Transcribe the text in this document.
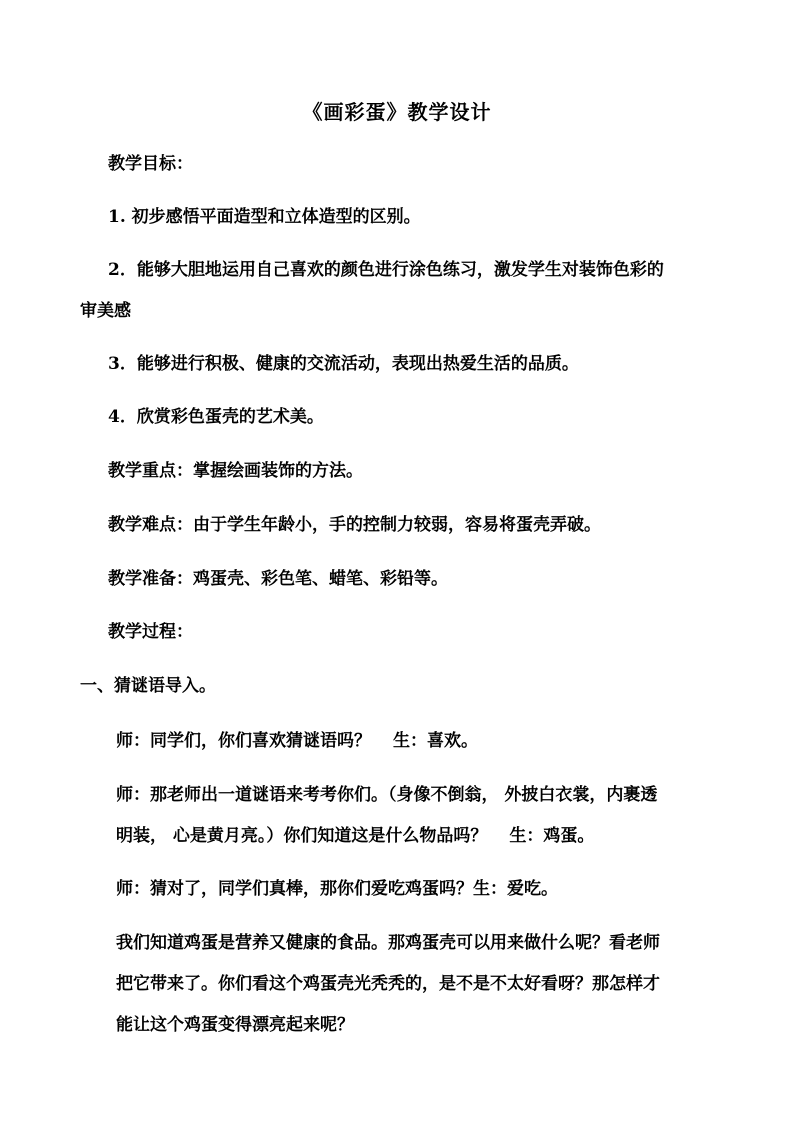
《画彩蛋》教学设计
教学目标：
1. 初步感悟平面造型和立体造型的区别。
2．能够大胆地运用自己喜欢的颜色进行涂色练习，激发学生对装饰色彩的
审美感
3．能够进行积极、健康的交流活动，表现出热爱生活的品质。
4．欣赏彩色蛋壳的艺术美。
教学重点：掌握绘画装饰的方法。
教学难点：由于学生年龄小，手的控制力较弱，容易将蛋壳弄破。
教学准备：鸡蛋壳、彩色笔、蜡笔、彩铅等。
教学过程：
一、猜谜语导入。
师：同学们，你们喜欢猜谜语吗？ 生：喜欢。
师：那老师出一道谜语来考考你们。（身像不倒翁， 外披白衣裳，内裹透
明装， 心是黄月亮。）你们知道这是什么物品吗？ 生：鸡蛋。
师：猜对了，同学们真棒，那你们爱吃鸡蛋吗？生：爱吃。
我们知道鸡蛋是营养又健康的食品。那鸡蛋壳可以用来做什么呢？看老师
把它带来了。你们看这个鸡蛋壳光秃秃的，是不是不太好看呀？那怎样才
能让这个鸡蛋变得漂亮起来呢？
